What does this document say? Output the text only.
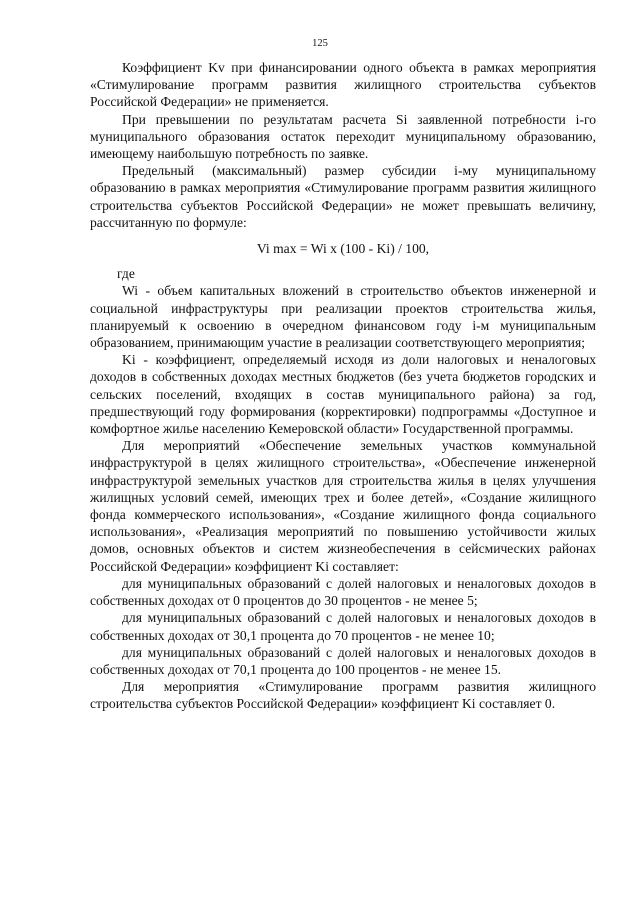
125

Коэффициент Kv при финансировании одного объекта в рамках мероприятия «Стимулирование программ развития жилищного строительства субъектов Российской Федерации» не применяется.

При превышении по результатам расчета Si заявленной потребности i-го муниципального образования остаток переходит муниципальному образованию, имеющему наибольшую потребность по заявке.

Предельный (максимальный) размер субсидии i-му муниципальному образованию в рамках мероприятия «Стимулирование программ развития жилищного строительства субъектов Российской Федерации» не может превышать величину, рассчитанную по формуле:

Vi max = Wi x (100 - Ki) / 100,

где

Wi - объем капитальных вложений в строительство объектов инженерной и социальной инфраструктуры при реализации проектов строительства жилья, планируемый к освоению в очередном финансовом году i-м муниципальным образованием, принимающим участие в реализации соответствующего мероприятия;

Ki - коэффициент, определяемый исходя из доли налоговых и неналоговых доходов в собственных доходах местных бюджетов (без учета бюджетов городских и сельских поселений, входящих в состав муниципального района) за год, предшествующий году формирования (корректировки) подпрограммы «Доступное и комфортное жилье населению Кемеровской области» Государственной программы.

Для мероприятий «Обеспечение земельных участков коммунальной инфраструктурой в целях жилищного строительства», «Обеспечение инженерной инфраструктурой земельных участков для строительства жилья в целях улучшения жилищных условий семей, имеющих трех и более детей», «Создание жилищного фонда коммерческого использования», «Создание жилищного фонда социального использования», «Реализация мероприятий по повышению устойчивости жилых домов, основных объектов и систем жизнеобеспечения в сейсмических районах Российской Федерации» коэффициент Ki составляет:

для муниципальных образований с долей налоговых и неналоговых доходов в собственных доходах от 0 процентов до 30 процентов - не менее 5;

для муниципальных образований с долей налоговых и неналоговых доходов в собственных доходах от 30,1 процента до 70 процентов - не менее 10;

для муниципальных образований с долей налоговых и неналоговых доходов в собственных доходах от 70,1 процента до 100 процентов - не менее 15.

Для мероприятия «Стимулирование программ развития жилищного строительства субъектов Российской Федерации» коэффициент Ki составляет 0.
